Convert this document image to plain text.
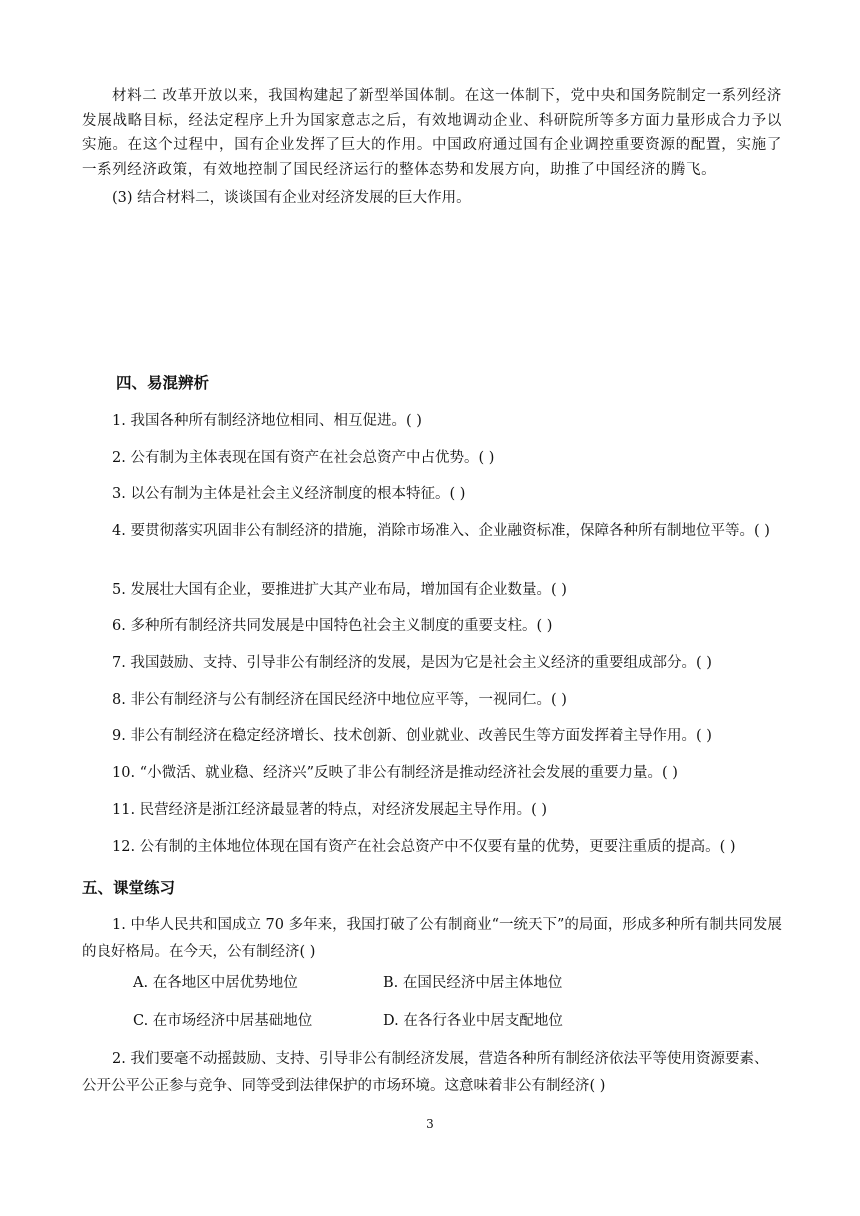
材料二 改革开放以来，我国构建起了新型举国体制。在这一体制下，党中央和国务院制定一系列经济发展战略目标，经法定程序上升为国家意志之后，有效地调动企业、科研院所等多方面力量形成合力予以实施。在这个过程中，国有企业发挥了巨大的作用。中国政府通过国有企业调控重要资源的配置，实施了一系列经济政策，有效地控制了国民经济运行的整体态势和发展方向，助推了中国经济的腾飞。

(3) 结合材料二，谈谈国有企业对经济发展的巨大作用。

四、易混辨析

1. 我国各种所有制经济地位相同、相互促进。( )

2. 公有制为主体表现在国有资产在社会总资产中占优势。( )

3. 以公有制为主体是社会主义经济制度的根本特征。( )

4. 要贯彻落实巩固非公有制经济的措施，消除市场准入、企业融资标准，保障各种所有制地位平等。( )

5. 发展壮大国有企业，要推进扩大其产业布局，增加国有企业数量。( )

6. 多种所有制经济共同发展是中国特色社会主义制度的重要支柱。( )

7. 我国鼓励、支持、引导非公有制经济的发展，是因为它是社会主义经济的重要组成部分。( )

8. 非公有制经济与公有制经济在国民经济中地位应平等，一视同仁。( )

9. 非公有制经济在稳定经济增长、技术创新、创业就业、改善民生等方面发挥着主导作用。( )

10. “小微活、就业稳、经济兴”反映了非公有制经济是推动经济社会发展的重要力量。( )

11. 民营经济是浙江经济最显著的特点，对经济发展起主导作用。( )

12. 公有制的主体地位体现在国有资产在社会总资产中不仅要有量的优势，更要注重质的提高。( )

五、课堂练习

1. 中华人民共和国成立 70 多年来，我国打破了公有制商业“一统天下”的局面，形成多种所有制共同发展的良好格局。在今天，公有制经济( )

A. 在各地区中居优势地位	B. 在国民经济中居主体地位

C. 在市场经济中居基础地位	D. 在各行各业中居支配地位

2. 我们要毫不动摇鼓励、支持、引导非公有制经济发展，营造各种所有制经济依法平等使用资源要素、公开公平公正参与竞争、同等受到法律保护的市场环境。这意味着非公有制经济( )

3
